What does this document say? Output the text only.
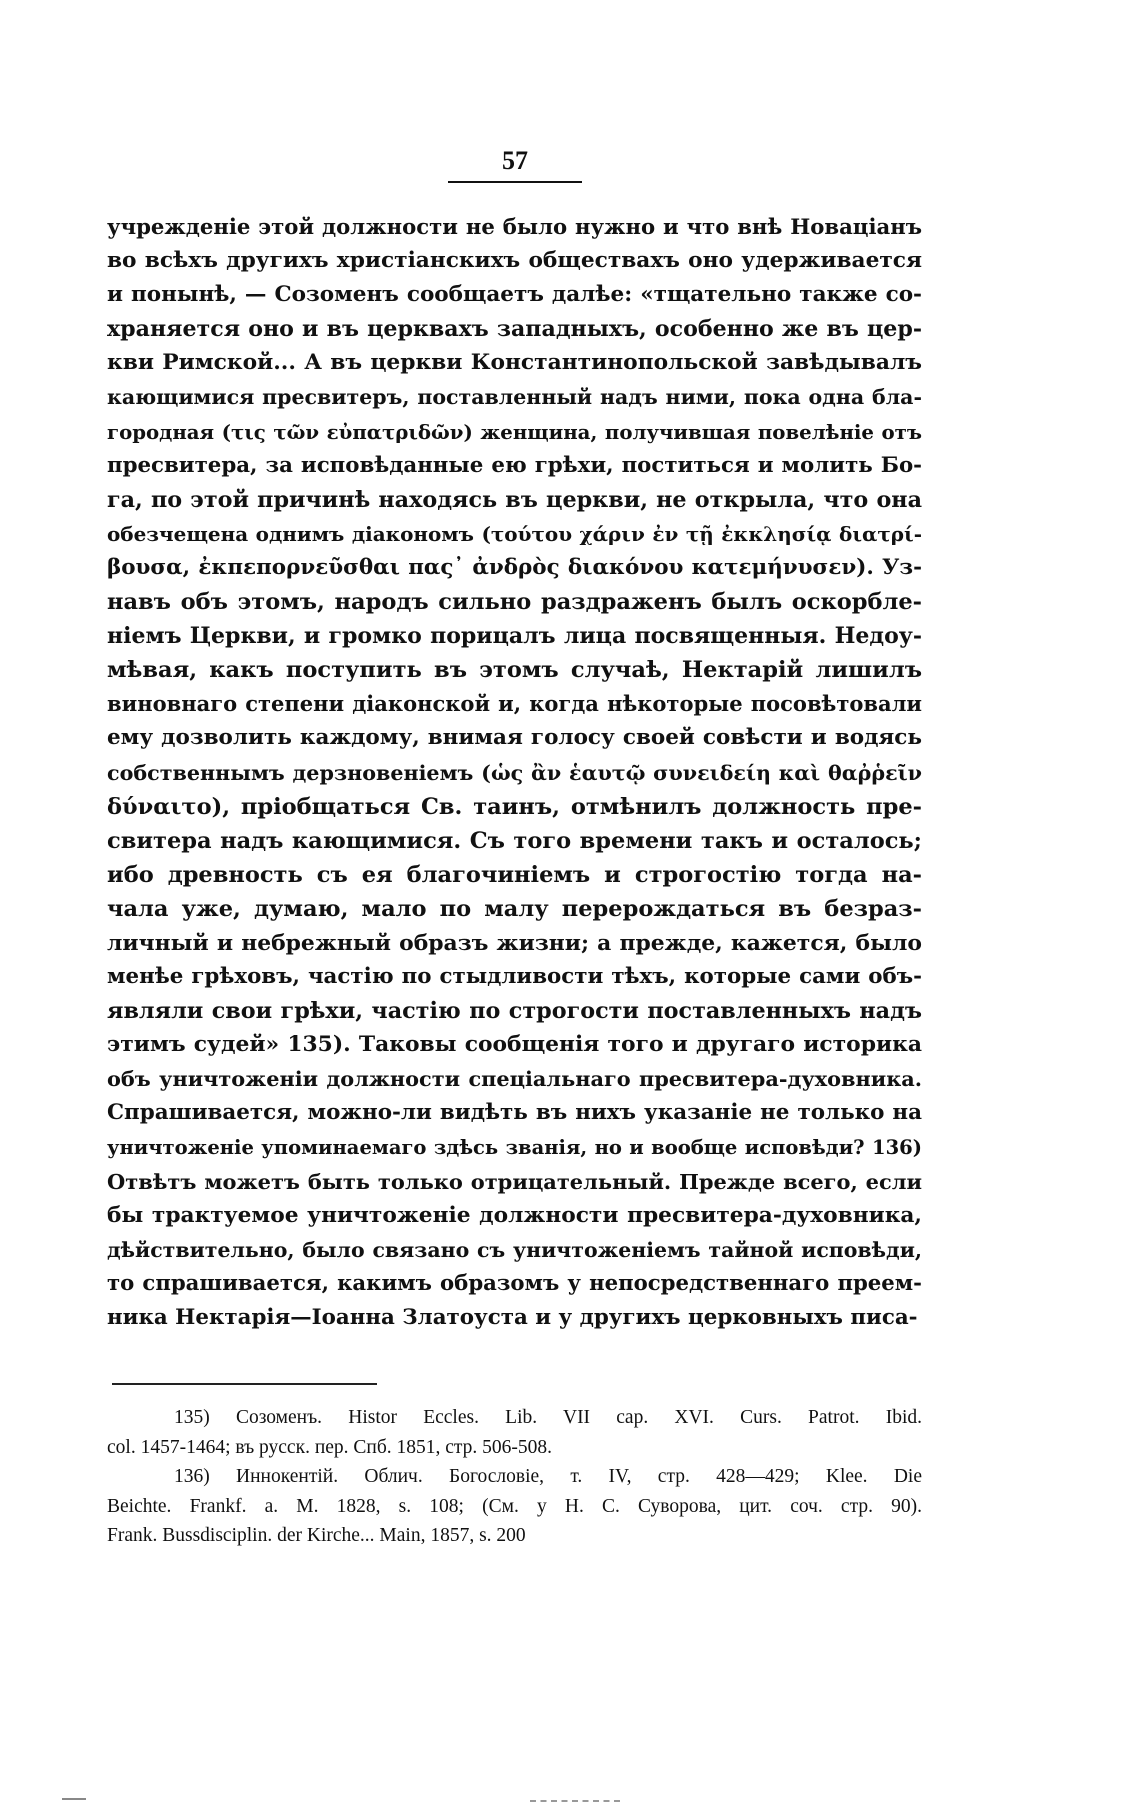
57
учрежденіе этой должности не было нужно и что внѣ Новаціанъ
во всѣхъ другихъ христіанскихъ обществахъ оно удерживается
и понынѣ, — Созоменъ сообщаетъ далѣе: «тщательно также со-
храняется оно и въ церквахъ западныхъ, особенно же въ цер-
кви Римской... А въ церкви Константинопольской завѣдывалъ
кающимися пресвитеръ, поставленный надъ ними, пока одна бла-
городная (τις τῶν εὐπατριδῶν) женщина, получившая повелѣніе отъ
пресвитера, за исповѣданные ею грѣхи, поститься и молить Бо-
га, по этой причинѣ находясь въ церкви, не открыла, что она
обезчещена однимъ діакономъ (τούτου χάριν ἐν τῇ ἐκκλησίᾳ διατρί-
βουσα, ἐκπεπορνεῦσθαι πας᾽ ἀνδρὸς διακόνου κατεμήνυσεν). Уз-
навъ объ этомъ, народъ сильно раздраженъ былъ оскорбле-
ніемъ Церкви, и громко порицалъ лица посвященныя. Недоу-
мѣвая, какъ поступить въ этомъ случаѣ, Нектарій лишилъ
виновнаго степени діаконской и, когда нѣкоторые посовѣтовали
ему дозволить каждому, внимая голосу своей совѣсти и водясь
собственнымъ дерзновеніемъ (ὡς ἂν ἑαυτῷ συνειδείη καὶ θαῤῥεῖν
δύναιτο), пріобщаться Св. таинъ, отмѣнилъ должность пре-
свитера надъ кающимися. Съ того времени такъ и осталось;
ибо древность съ ея благочиніемъ и строгостію тогда на-
чала уже, думаю, мало по малу перерождаться въ безраз-
личный и небрежный образъ жизни; а прежде, кажется, было
менѣе грѣховъ, частію по стыдливости тѣхъ, которые сами объ-
являли свои грѣхи, частію по строгости поставленныхъ надъ
этимъ судей» 135). Таковы сообщенія того и другаго историка
объ уничтоженіи должности спеціальнаго пресвитера-духовника.
Спрашивается, можно-ли видѣть въ нихъ указаніе не только на
уничтоженіе упоминаемаго здѣсь званія, но и вообще исповѣди? 136)
Отвѣтъ можетъ быть только отрицательный. Прежде всего, если
бы трактуемое уничтоженіе должности пресвитера-духовника,
дѣйствительно, было связано съ уничтоженіемъ тайной исповѣди,
то спрашивается, какимъ образомъ у непосредственнаго преем-
ника Нектарія—Іоанна Златоуста и у другихъ церковныхъ писа-
135) Созоменъ. Histor Eccles. Lib. VII cap. XVI. Curs. Patrot. Ibid.
col. 1457-1464; въ русск. пер. Спб. 1851, стр. 506-508.
136) Иннокентій. Облич. Богословіе, т. IV, стр. 428—429; Klee. Die
Beichte. Frankf. a. M. 1828, s. 108; (См. у Н. С. Суворова, цит. соч. стр. 90).
Frank. Bussdisciplin. der Kirche... Main, 1857, s. 200
